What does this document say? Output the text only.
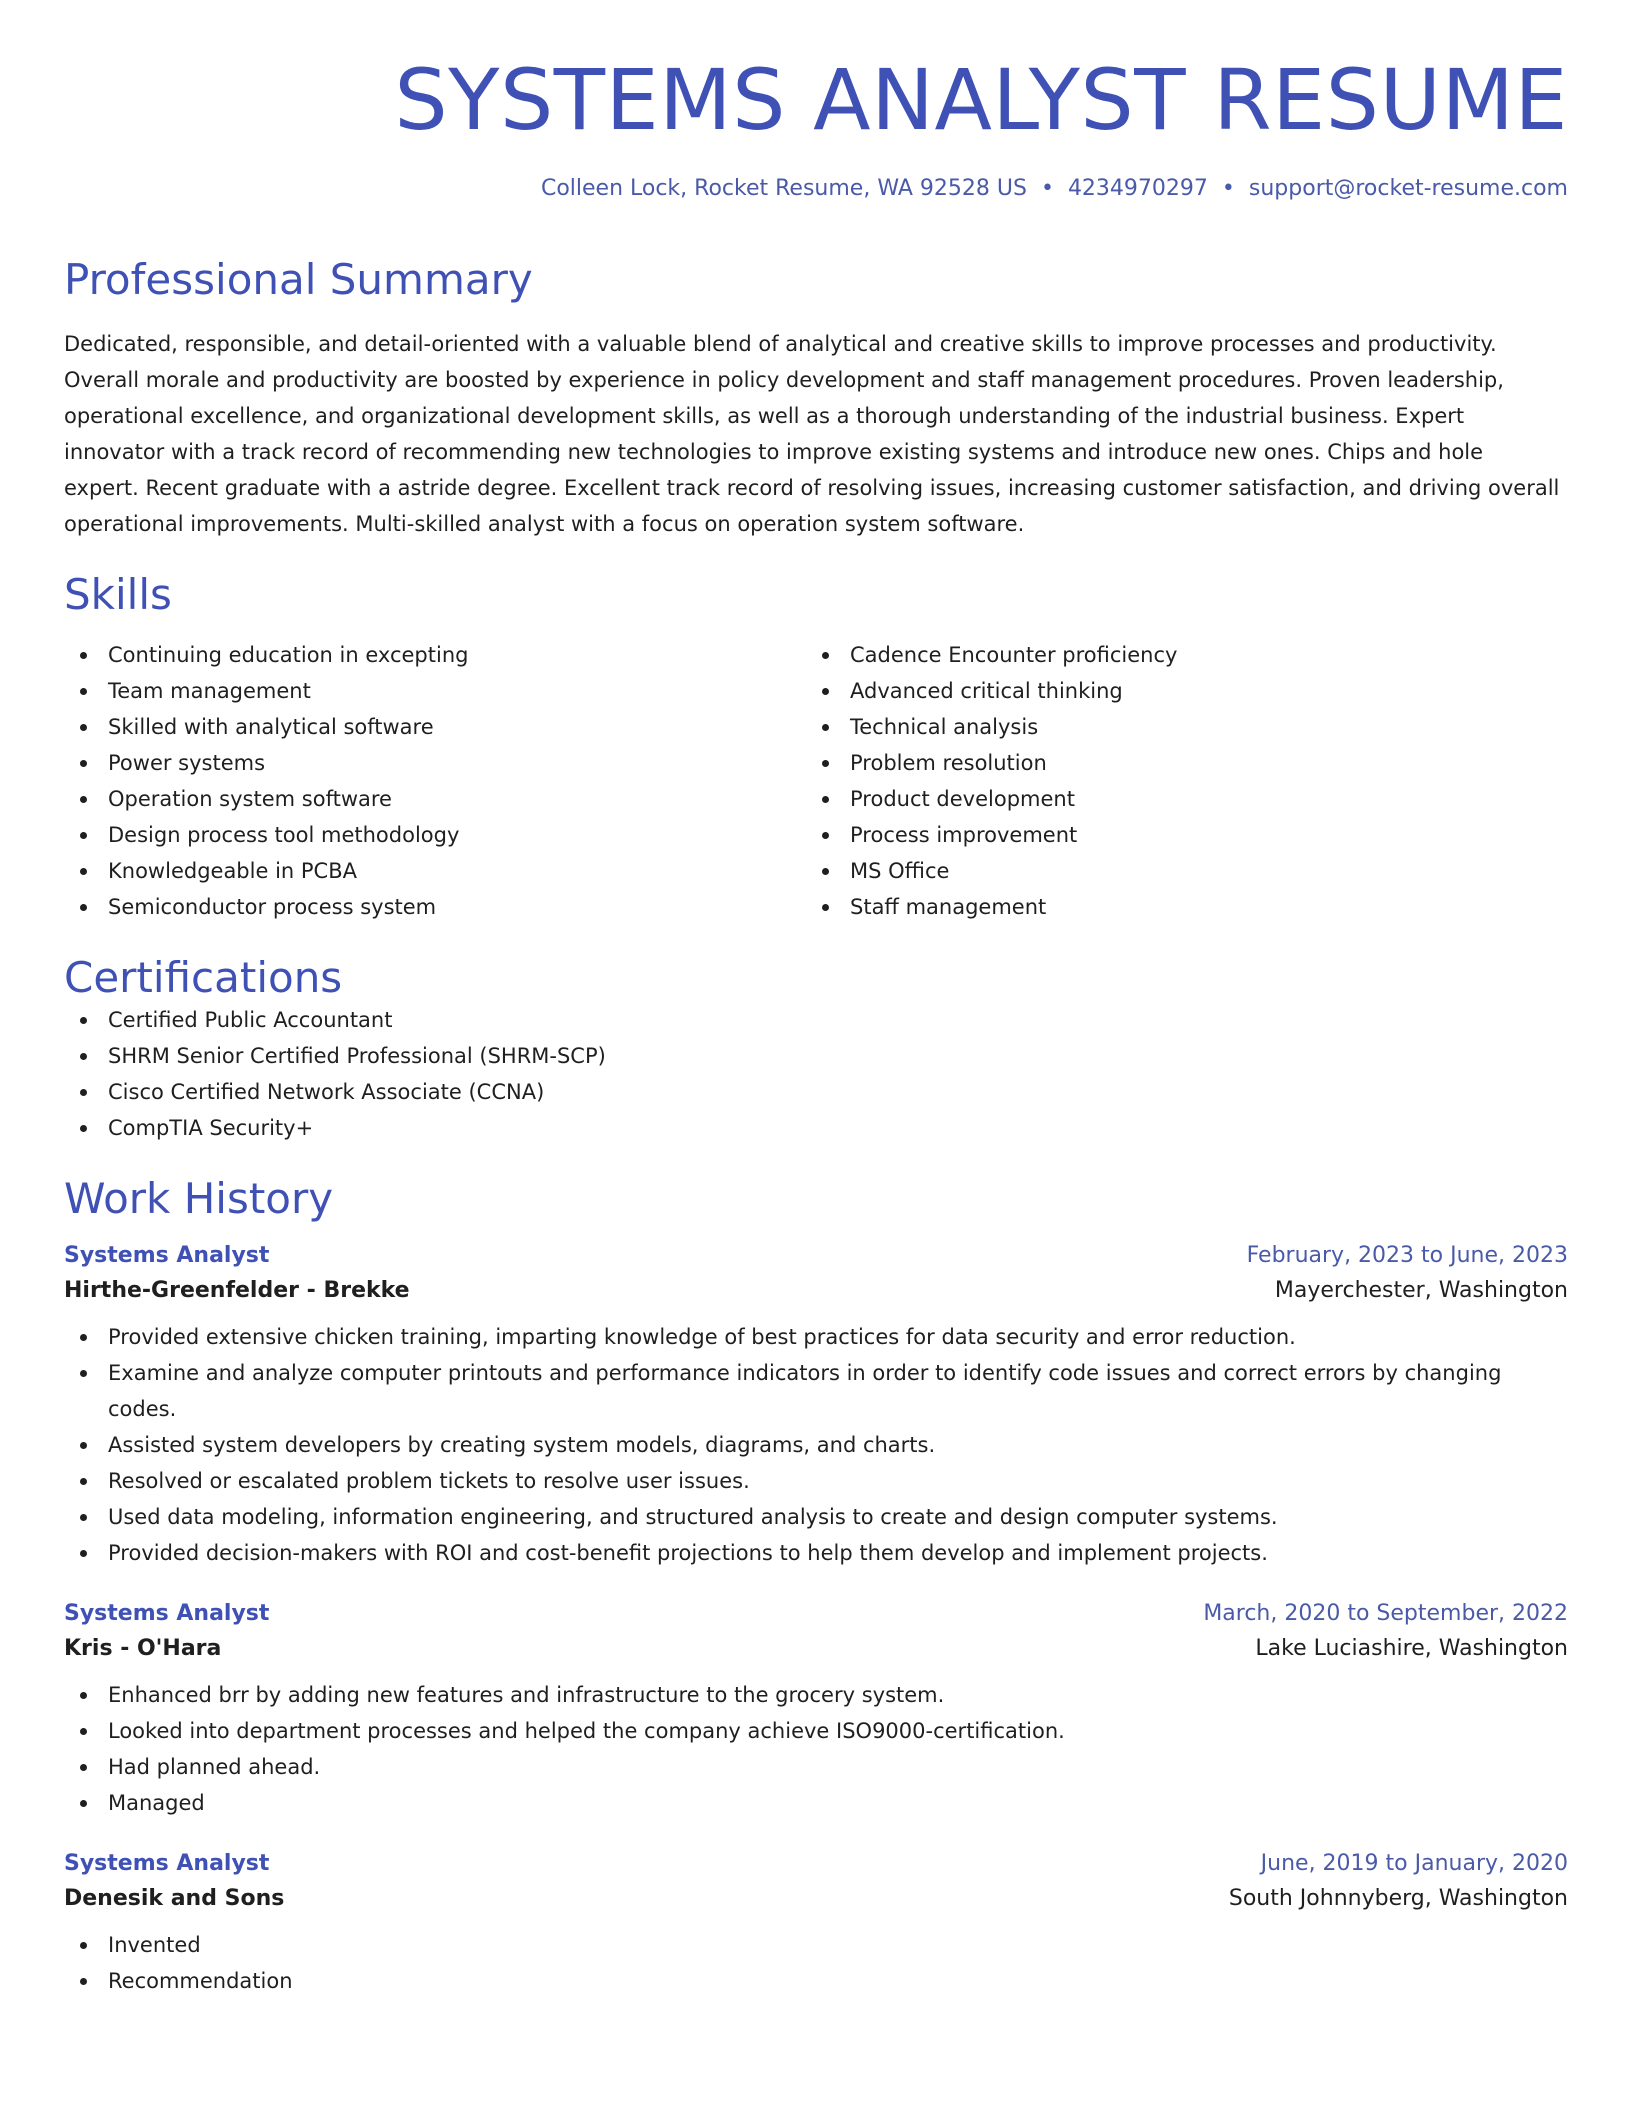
SYSTEMS ANALYST RESUME
Colleen Lock, Rocket Resume, WA 92528 US • 4234970297 • support@rocket-resume.com
Professional Summary
Dedicated, responsible, and detail-oriented with a valuable blend of analytical and creative skills to improve processes and productivity. Overall morale and productivity are boosted by experience in policy development and staff management procedures. Proven leadership, operational excellence, and organizational development skills, as well as a thorough understanding of the industrial business. Expert innovator with a track record of recommending new technologies to improve existing systems and introduce new ones. Chips and hole expert. Recent graduate with a astride degree. Excellent track record of resolving issues, increasing customer satisfaction, and driving overall operational improvements. Multi-skilled analyst with a focus on operation system software.
Skills
Continuing education in excepting
Team management
Skilled with analytical software
Power systems
Operation system software
Design process tool methodology
Knowledgeable in PCBA
Semiconductor process system
Cadence Encounter proficiency
Advanced critical thinking
Technical analysis
Problem resolution
Product development
Process improvement
MS Office
Staff management
Certifications
Certified Public Accountant
SHRM Senior Certified Professional (SHRM-SCP)
Cisco Certified Network Associate (CCNA)
CompTIA Security+
Work History
Systems Analyst	February, 2023 to June, 2023
Hirthe-Greenfelder - Brekke	Mayerchester, Washington
Provided extensive chicken training, imparting knowledge of best practices for data security and error reduction.
Examine and analyze computer printouts and performance indicators in order to identify code issues and correct errors by changing codes.
Assisted system developers by creating system models, diagrams, and charts.
Resolved or escalated problem tickets to resolve user issues.
Used data modeling, information engineering, and structured analysis to create and design computer systems.
Provided decision-makers with ROI and cost-benefit projections to help them develop and implement projects.
Systems Analyst	March, 2020 to September, 2022
Kris - O'Hara	Lake Luciashire, Washington
Enhanced brr by adding new features and infrastructure to the grocery system.
Looked into department processes and helped the company achieve ISO9000-certification.
Had planned ahead.
Managed
Systems Analyst	June, 2019 to January, 2020
Denesik and Sons	South Johnnyberg, Washington
Invented
Recommendation
